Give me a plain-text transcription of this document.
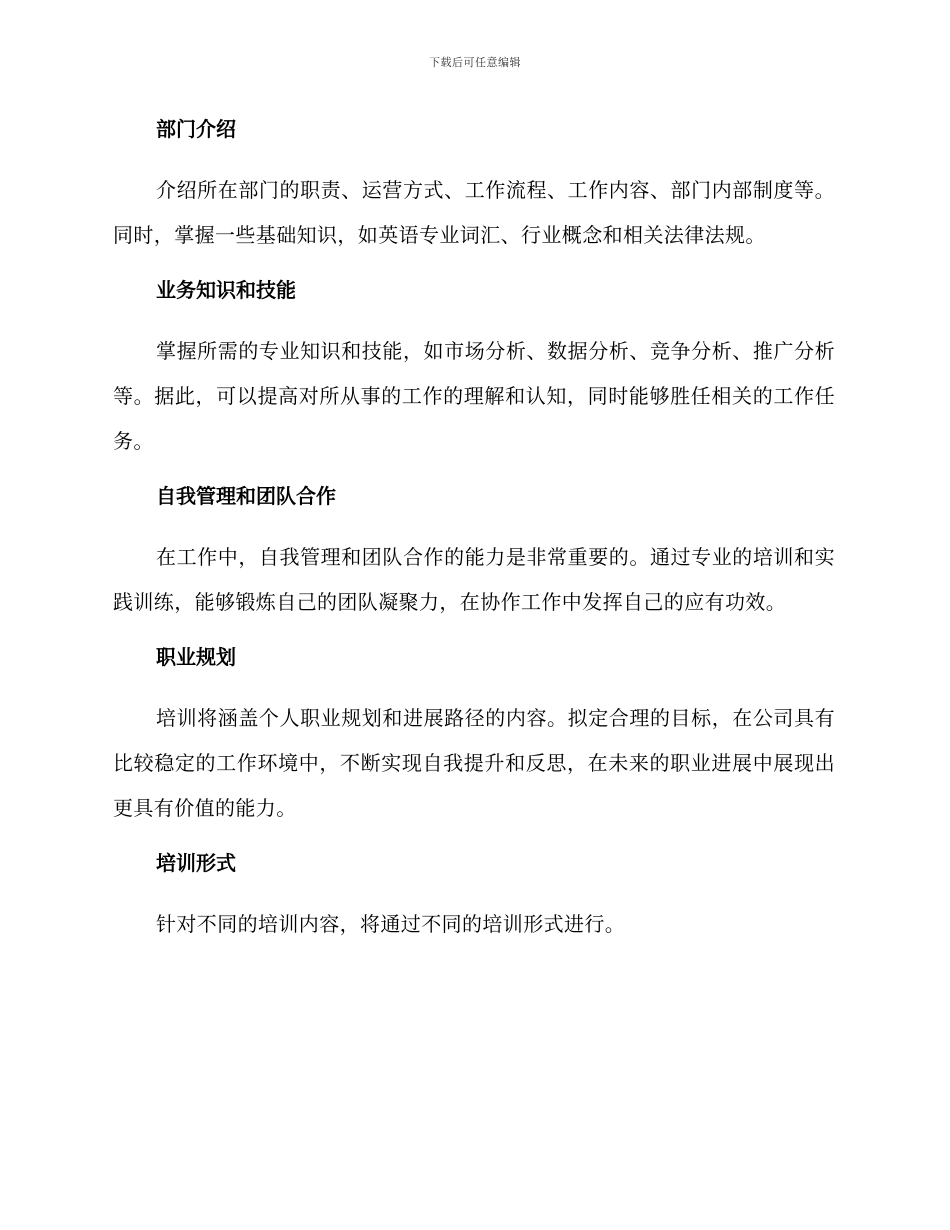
下载后可任意编辑
部门介绍

介绍所在部门的职责、运营方式、工作流程、工作内容、部门内部制度等。同时，掌握一些基础知识，如英语专业词汇、行业概念和相关法律法规。

业务知识和技能

掌握所需的专业知识和技能，如市场分析、数据分析、竞争分析、推广分析等。据此，可以提高对所从事的工作的理解和认知，同时能够胜任相关的工作任务。

自我管理和团队合作

在工作中，自我管理和团队合作的能力是非常重要的。通过专业的培训和实践训练，能够锻炼自己的团队凝聚力，在协作工作中发挥自己的应有功效。

职业规划

培训将涵盖个人职业规划和进展路径的内容。拟定合理的目标，在公司具有比较稳定的工作环境中，不断实现自我提升和反思，在未来的职业进展中展现出更具有价值的能力。

培训形式

针对不同的培训内容，将通过不同的培训形式进行。
